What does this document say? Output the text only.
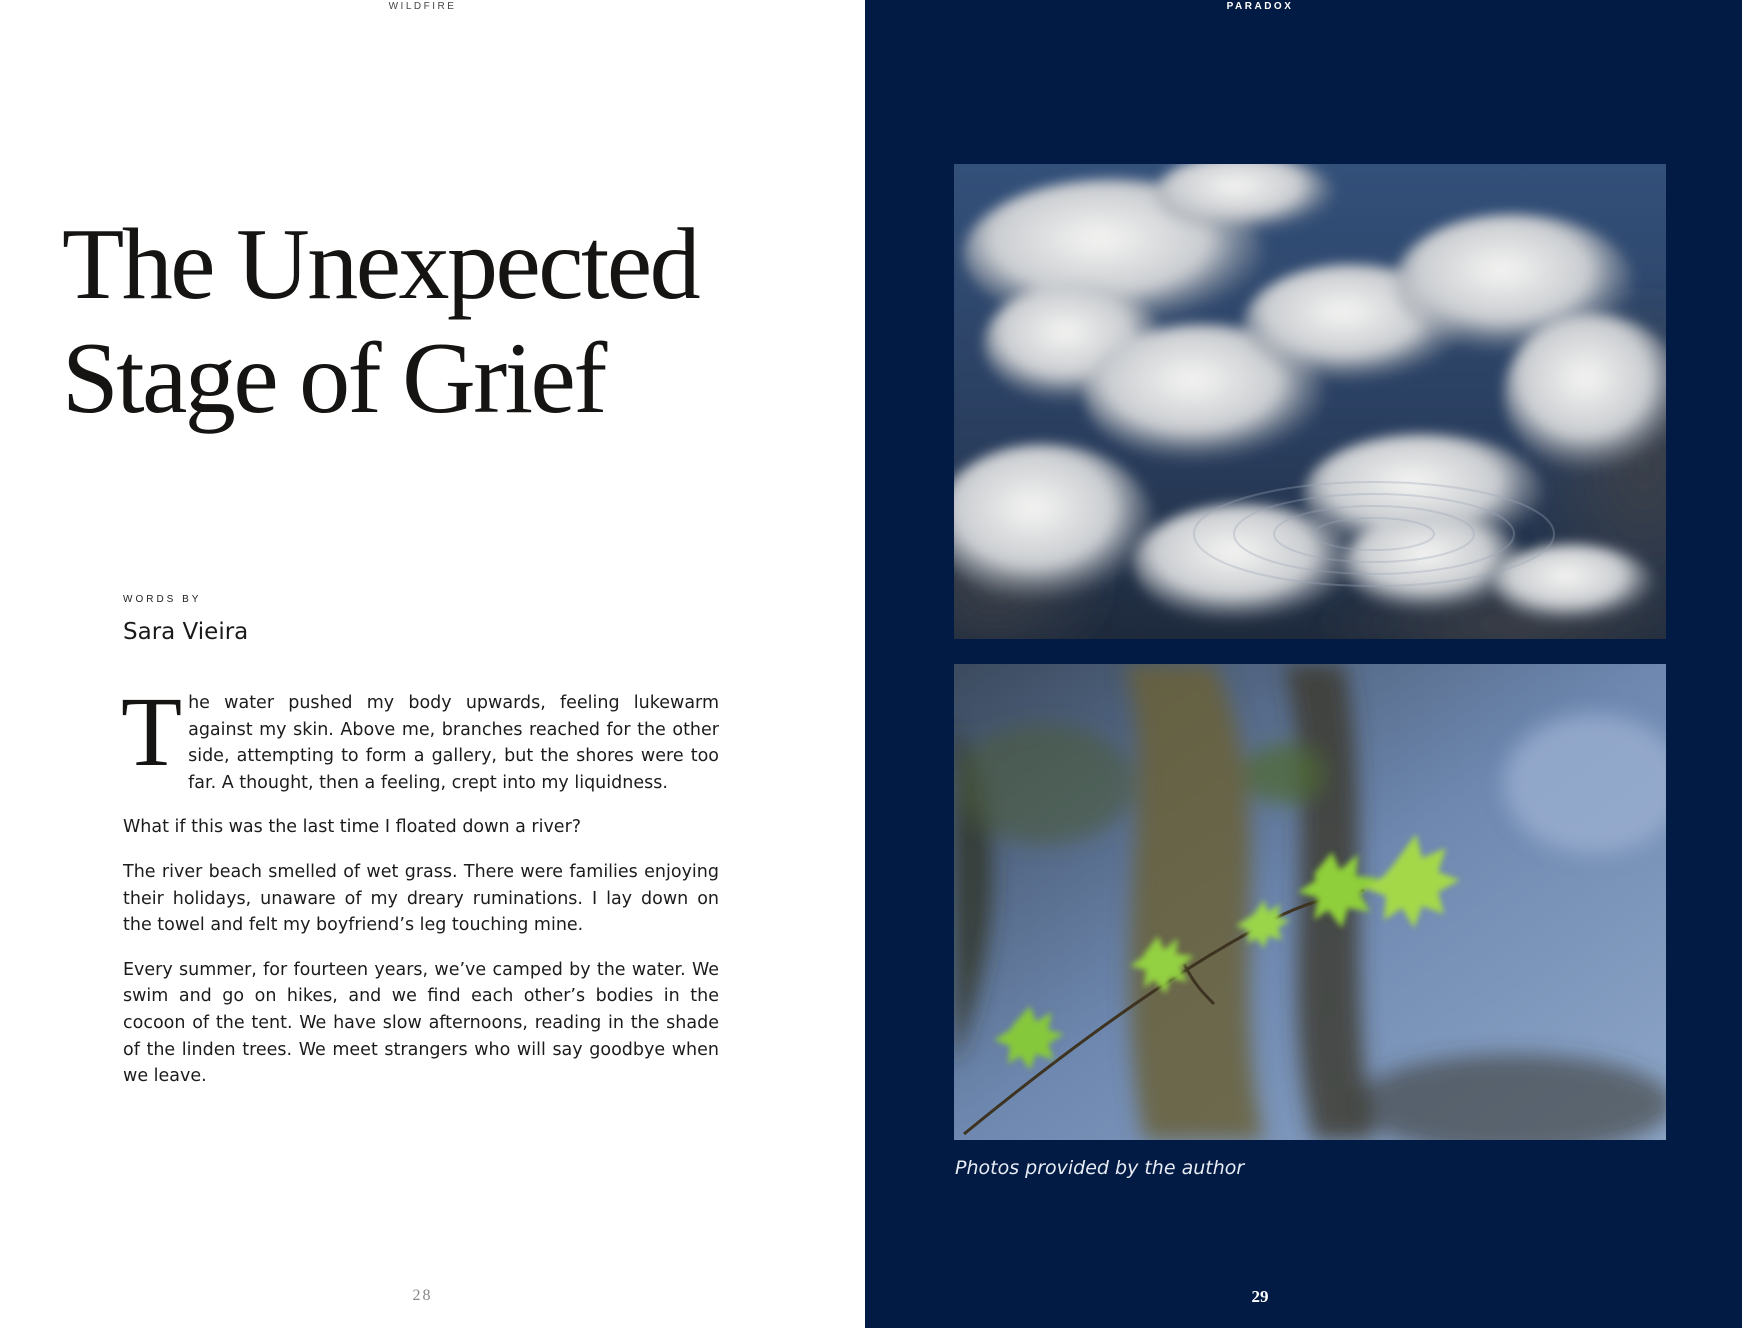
WILDFIRE
The Unexpected
Stage of Grief
WORDS BY
Sara Vieira

The water pushed my body upwards, feeling lukewarm against my skin. Above me, branches reached for the other side, attempting to form a gallery, but the shores were too far. A thought, then a feeling, crept into my liquidness.

What if this was the last time I floated down a river?

The river beach smelled of wet grass. There were families enjoying their holidays, unaware of my dreary ruminations. I lay down on the towel and felt my boyfriend’s leg touching mine.

Every summer, for fourteen years, we’ve camped by the water. We swim and go on hikes, and we find each other’s bodies in the cocoon of the tent. We have slow afternoons, reading in the shade of the linden trees. We meet strangers who will say goodbye when we leave.

28
PARADOX
Photos provided by the author
29
